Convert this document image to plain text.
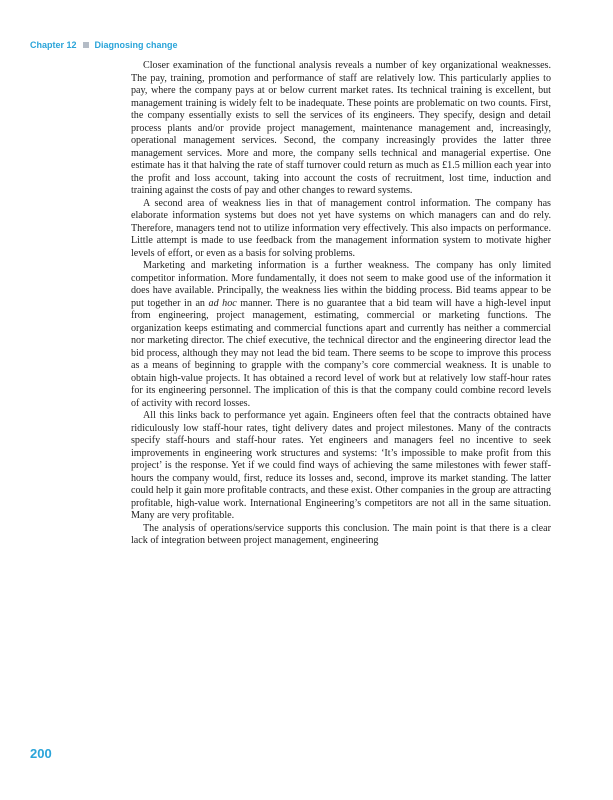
Chapter 12 Diagnosing change

Closer examination of the functional analysis reveals a number of key organizational weaknesses. The pay, training, promotion and performance of staff are relatively low. This particularly applies to pay, where the company pays at or below current market rates. Its technical training is excellent, but management training is widely felt to be inadequate. These points are problematic on two counts. First, the company essentially exists to sell the services of its engineers. They specify, design and detail process plants and/or provide project management, maintenance management and, increasingly, operational management services. Second, the company increasingly provides the latter three management services. More and more, the company sells technical and managerial expertise. One estimate has it that halving the rate of staff turnover could return as much as £1.5 million each year into the profit and loss account, taking into account the costs of recruitment, lost time, induction and training against the costs of pay and other changes to reward systems.

A second area of weakness lies in that of management control information. The company has elaborate information systems but does not yet have systems on which managers can and do rely. Therefore, managers tend not to utilize information very effectively. This also impacts on performance. Little attempt is made to use feedback from the management information system to motivate higher levels of effort, or even as a basis for solving problems.

Marketing and marketing information is a further weakness. The company has only limited competitor information. More fundamentally, it does not seem to make good use of the information it does have available. Principally, the weakness lies within the bidding process. Bid teams appear to be put together in an ad hoc manner. There is no guarantee that a bid team will have a high-level input from engineering, project management, estimating, commercial or marketing functions. The organization keeps estimating and commercial functions apart and currently has neither a commercial nor marketing director. The chief executive, the technical director and the engineering director lead the bid process, although they may not lead the bid team. There seems to be scope to improve this process as a means of beginning to grapple with the company’s core commercial weakness. It is unable to obtain high-value projects. It has obtained a record level of work but at relatively low staff-hour rates for its engineering personnel. The implication of this is that the company could combine record levels of activity with record losses.

All this links back to performance yet again. Engineers often feel that the contracts obtained have ridiculously low staff-hour rates, tight delivery dates and project milestones. Many of the contracts specify staff-hours and staff-hour rates. Yet engineers and managers feel no incentive to seek improvements in engineering work structures and systems: ‘It’s impossible to make profit from this project’ is the response. Yet if we could find ways of achieving the same milestones with fewer staff-hours the company would, first, reduce its losses and, second, improve its market standing. The latter could help it gain more profitable contracts, and these exist. Other companies in the group are attracting profitable, high-value work. International Engineering’s competitors are not all in the same situation. Many are very profitable.

The analysis of operations/service supports this conclusion. The main point is that there is a clear lack of integration between project management, engineering

200
